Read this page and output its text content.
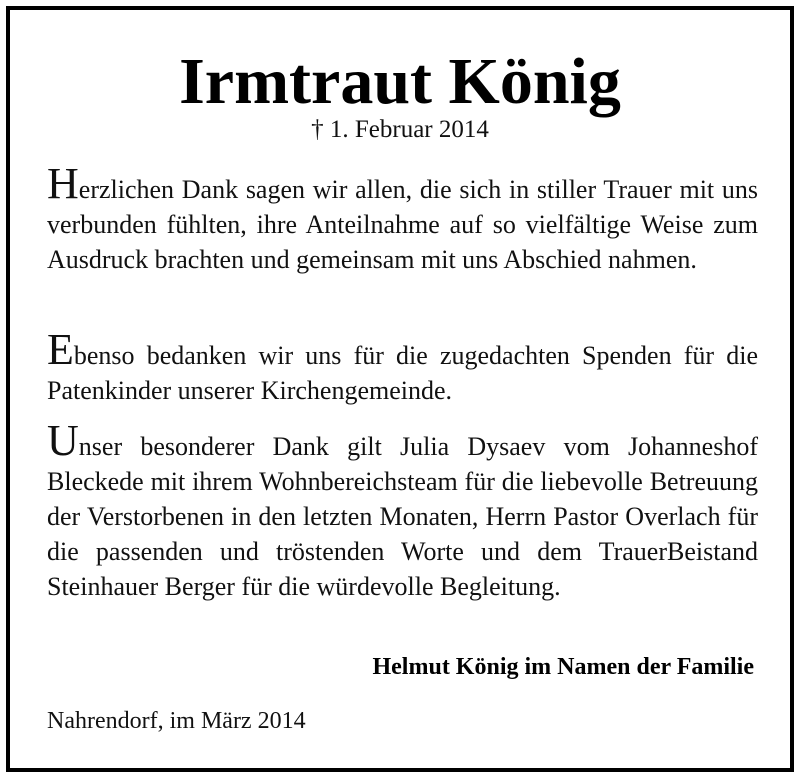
Irmtraut König
† 1. Februar 2014

Herzlichen Dank sagen wir allen, die sich in stiller Trauer mit uns verbunden fühlten, ihre Anteilnahme auf so vielfältige Weise zum Ausdruck brachten und gemeinsam mit uns Abschied nahmen.

Ebenso bedanken wir uns für die zugedachten Spenden für die Patenkinder unserer Kirchengemeinde.

Unser besonderer Dank gilt Julia Dysaev vom Johanneshof Bleckede mit ihrem Wohnbereichsteam für die liebevolle Betreuung der Verstorbenen in den letzten Monaten, Herrn Pastor Overlach für die passenden und tröstenden Worte und dem TrauerBeistand Steinhauer Berger für die würdevolle Begleitung.

Helmut König im Namen der Familie
Nahrendorf, im März 2014
